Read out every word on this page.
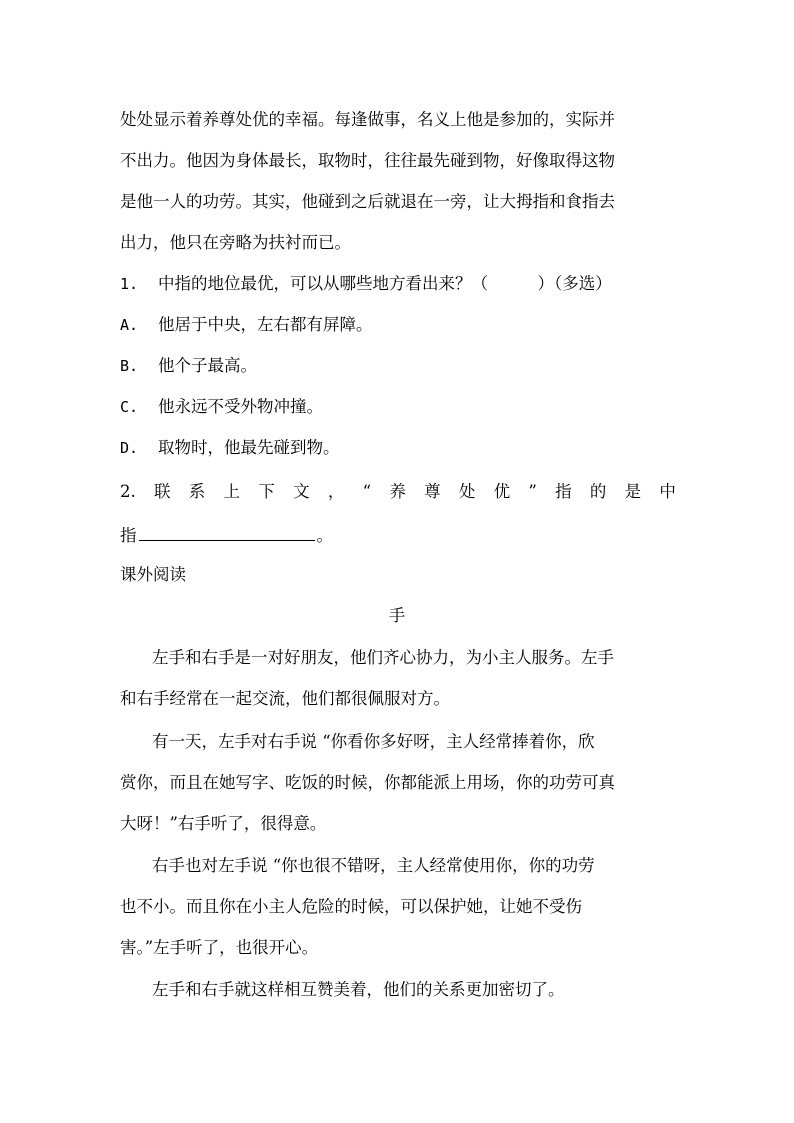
处处显示着养尊处优的幸福。每逢做事，名义上他是参加的，实际并
不出力。他因为身体最长，取物时，往往最先碰到物，好像取得这物
是他一人的功劳。其实，他碰到之后就退在一旁，让大拇指和食指去
出力，他只在旁略为扶衬而已。
1. 中指的地位最优，可以从哪些地方看出来？（　　　）（多选）
A. 他居于中央，左右都有屏障。
B. 他个子最高。
C. 他永远不受外物冲撞。
D. 取物时，他最先碰到物。
2. 联 系 上 下 文 ， “ 养 尊 处 优 ” 指 的 是 中
指	。
课外阅读
手
左手和右手是一对好朋友，他们齐心协力，为小主人服务。左手
和右手经常在一起交流，他们都很佩服对方。
有一天，左手对右手说 “你看你多好呀，主人经常捧着你，欣
赏你，而且在她写字、吃饭的时候，你都能派上用场，你的功劳可真
大呀！”右手听了，很得意。
右手也对左手说 “你也很不错呀，主人经常使用你，你的功劳
也不小。而且你在小主人危险的时候，可以保护她，让她不受伤
害。”左手听了，也很开心。
左手和右手就这样相互赞美着，他们的关系更加密切了。
